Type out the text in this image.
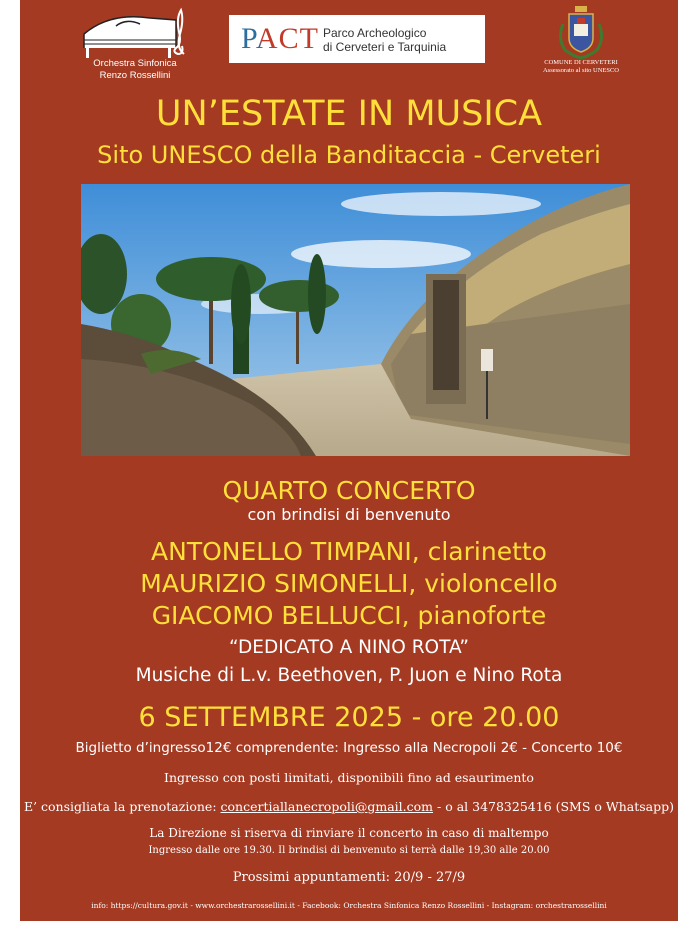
Orchestra Sinfonica
Renzo Rossellini
PACT Parco Archeologico
di Cerveteri e Tarquinia
COMUNE DI CERVETERI
Assessorato al sito UNESCO
UN’ESTATE IN MUSICA
Sito UNESCO della Banditaccia - Cerveteri
QUARTO CONCERTO
con brindisi di benvenuto
ANTONELLO TIMPANI, clarinetto
MAURIZIO SIMONELLI, violoncello
GIACOMO BELLUCCI, pianoforte
“DEDICATO A NINO ROTA”
Musiche di L.v. Beethoven, P. Juon e Nino Rota
6 SETTEMBRE 2025 - ore 20.00
Biglietto d’ingresso12€ comprendente: Ingresso alla Necropoli 2€ - Concerto 10€
Ingresso con posti limitati, disponibili fino ad esaurimento
E’ consigliata la prenotazione: concertiallanecropoli@gmail.com - o al 3478325416 (SMS o Whatsapp)
La Direzione si riserva di rinviare il concerto in caso di maltempo
Ingresso dalle ore 19.30. Il brindisi di benvenuto si terrà dalle 19,30 alle 20.00
Prossimi appuntamenti: 20/9 - 27/9
info: https://cultura.gov.it - www.orchestrarossellini.it - Facebook: Orchestra Sinfonica Renzo Rossellini - Instagram: orchestrarossellini
